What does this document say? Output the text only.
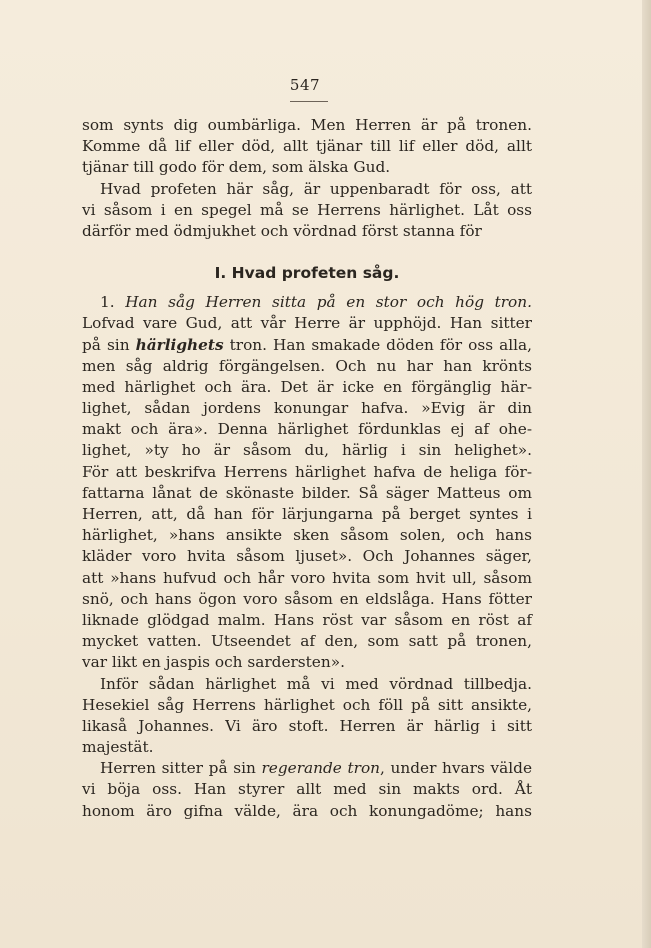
547
som synts dig oumbärliga. Men Herren är på tronen.
Komme då lif eller död, allt tjänar till lif eller död, allt
tjänar till godo för dem, som älska Gud.
Hvad profeten här såg, är uppenbaradt för oss, att
vi såsom i en spegel må se Herrens härlighet. Låt oss
därför med ödmjukhet och vördnad först stanna för
I. Hvad profeten såg.
1. Han såg Herren sitta på en stor och hög tron.
Lofvad vare Gud, att vår Herre är upphöjd. Han sitter
på sin härlighets tron. Han smakade döden för oss alla,
men såg aldrig förgängelsen. Och nu har han krönts
med härlighet och ära. Det är icke en förgänglig här-
lighet, sådan jordens konungar hafva. »Evig är din
makt och ära». Denna härlighet fördunklas ej af ohe-
lighet, »ty ho är såsom du, härlig i sin helighet».
För att beskrifva Herrens härlighet hafva de heliga för-
fattarna lånat de skönaste bilder. Så säger Matteus om
Herren, att, då han för lärjungarna på berget syntes i
härlighet, »hans ansikte sken såsom solen, och hans
kläder voro hvita såsom ljuset». Och Johannes säger,
att »hans hufvud och hår voro hvita som hvit ull, såsom
snö, och hans ögon voro såsom en eldslåga. Hans fötter
liknade glödgad malm. Hans röst var såsom en röst af
mycket vatten. Utseendet af den, som satt på tronen,
var likt en jaspis och sardersten».
Inför sådan härlighet må vi med vördnad tillbedja.
Hesekiel såg Herrens härlighet och föll på sitt ansikte,
likaså Johannes. Vi äro stoft. Herren är härlig i sitt
majestät.
Herren sitter på sin regerande tron, under hvars välde
vi böja oss. Han styrer allt med sin makts ord. Åt
honom äro gifna välde, ära och konungadöme; hans
